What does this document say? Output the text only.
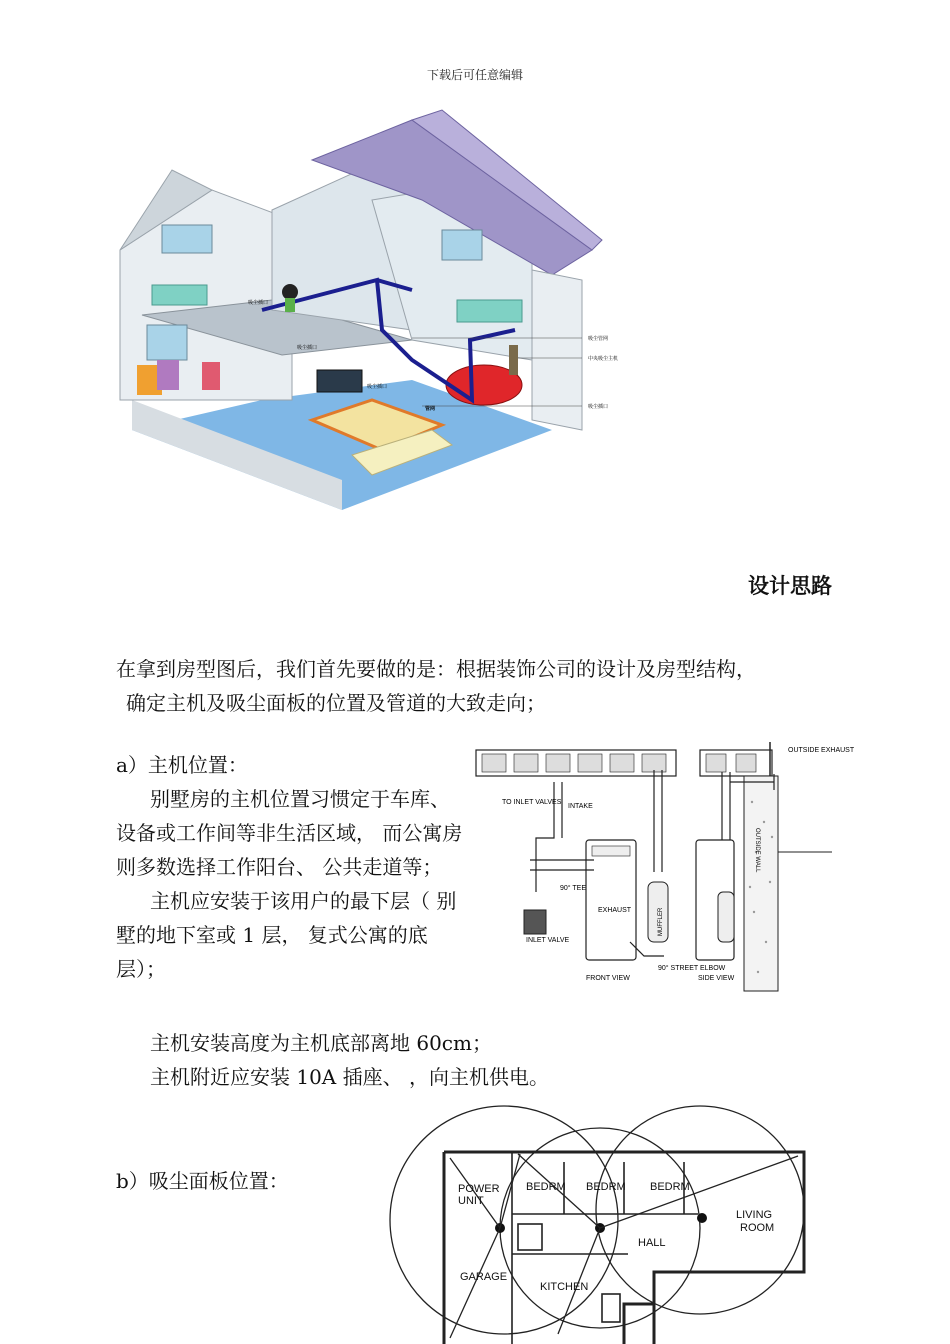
下载后可任意编辑
吸尘插口
吸尘插口
吸尘插口
管网
吸尘管网
中央吸尘主机
吸尘插口
设计思路

在拿到房型图后，我们首先要做的是：根据装饰公司的设计及房型结构，

确定主机及吸尘面板的位置及管道的大致走向；

a）主机位置：

别墅房的主机位置习惯定于车库、 设备或工作间等非生活区域， 而公寓房则多数选择工作阳台、 公共走道等；

主机应安装于该用户的最下层（ 别墅的地下室或 1 层， 复式公寓的底层）；

主机安装高度为主机底部离地 60cm；

主机附近应安装 10A 插座、 ，向主机供电。

OUTSIDE EXHAUST
TO INLET VALVES
INTAKE
90° TEE
EXHAUST	MUFFLER
INLET VALVE
90° STREET ELBOW
FRONT VIEW	SIDE VIEW
OUTSIDE WALL
b）吸尘面板位置：	POWER
UNIT
BEDRM BEDRM BEDRM
LIVING
ROOM
HALL
GARAGE
KITCHEN
